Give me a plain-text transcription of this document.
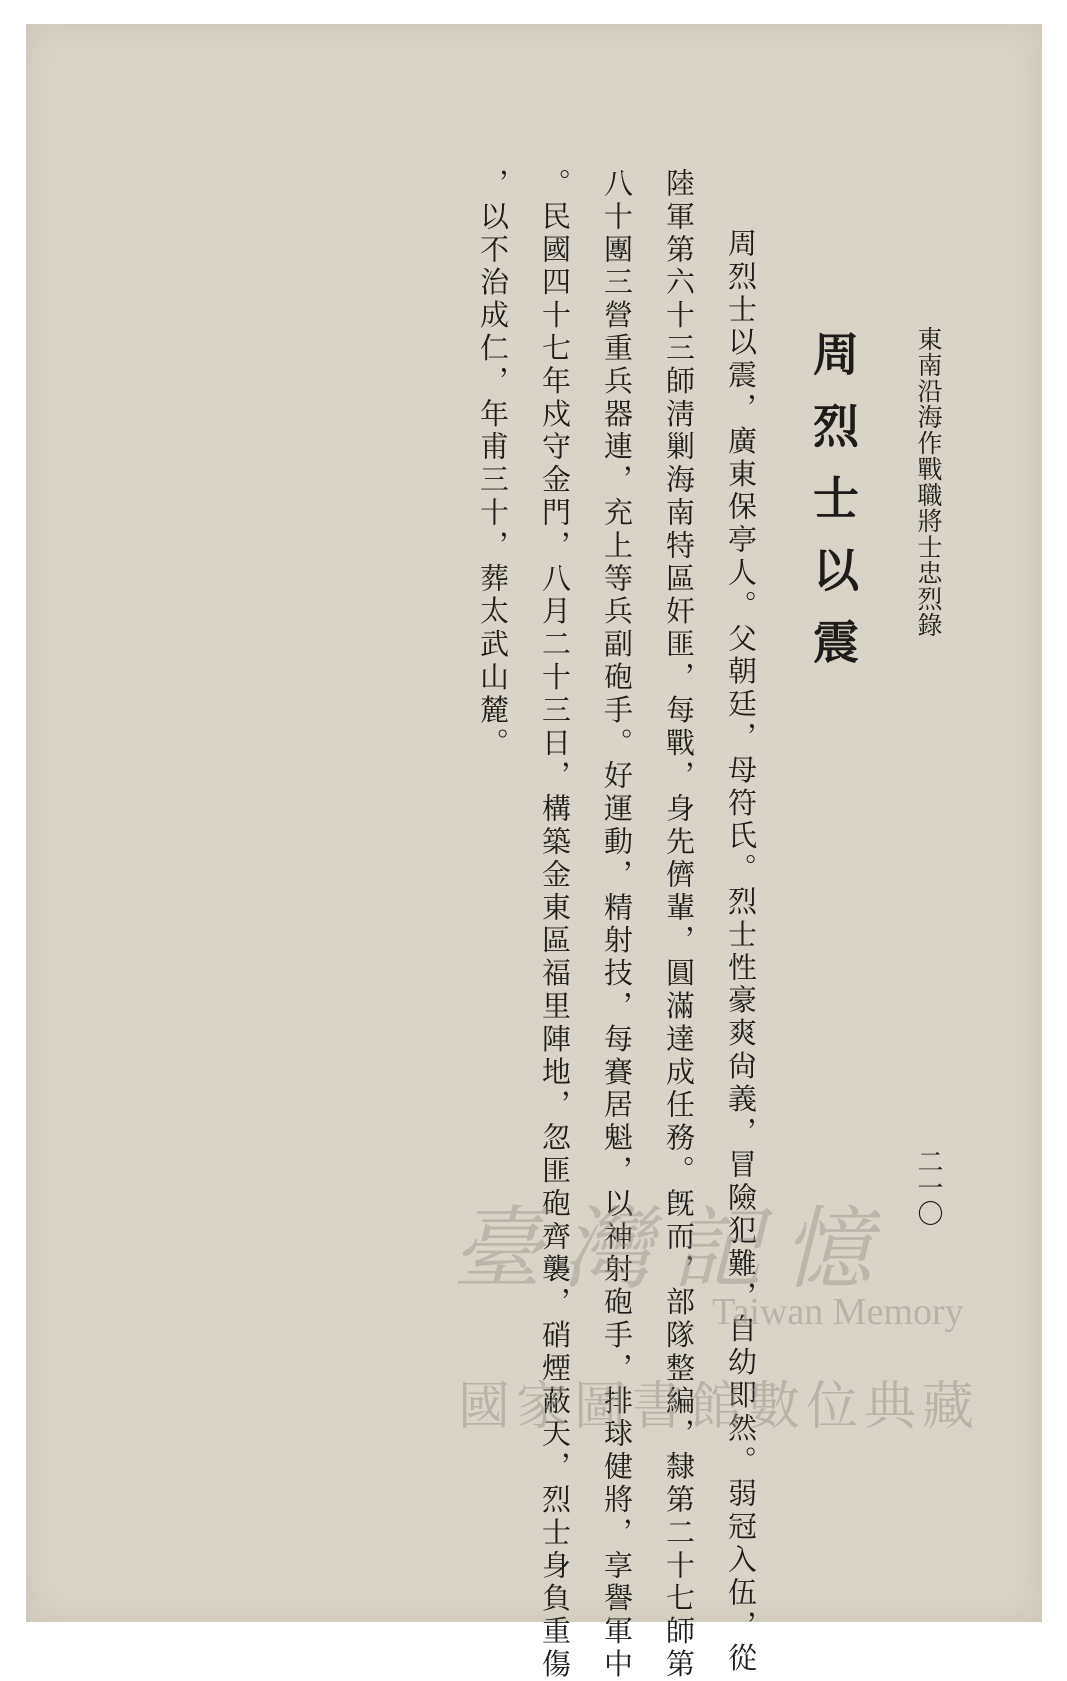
東南沿海作戰職將士忠烈錄
二一〇
周烈士以震
周烈士以震，廣東保亭人。父朝廷，母符氏。烈士性豪爽尙義，冒險犯難，自幼即然。弱冠入伍，從
陸軍第六十三師淸剿海南特區奸匪，每戰，身先儕輩，圓滿達成任務。旣而，部隊整編，隸第二十七師第
八十團三營重兵器連，充上等兵副砲手。好運動，精射技，每賽居魁，以神射砲手，排球健將，享譽軍中
。民國四十七年戍守金門，八月二十三日，構築金東區福里陣地，忽匪砲齊襲，硝煙蔽天，烈士身負重傷
，以不治成仁，年甫三十，葬太武山麓。
臺灣記憶
Taiwan Memory
國家圖書館數位典藏
